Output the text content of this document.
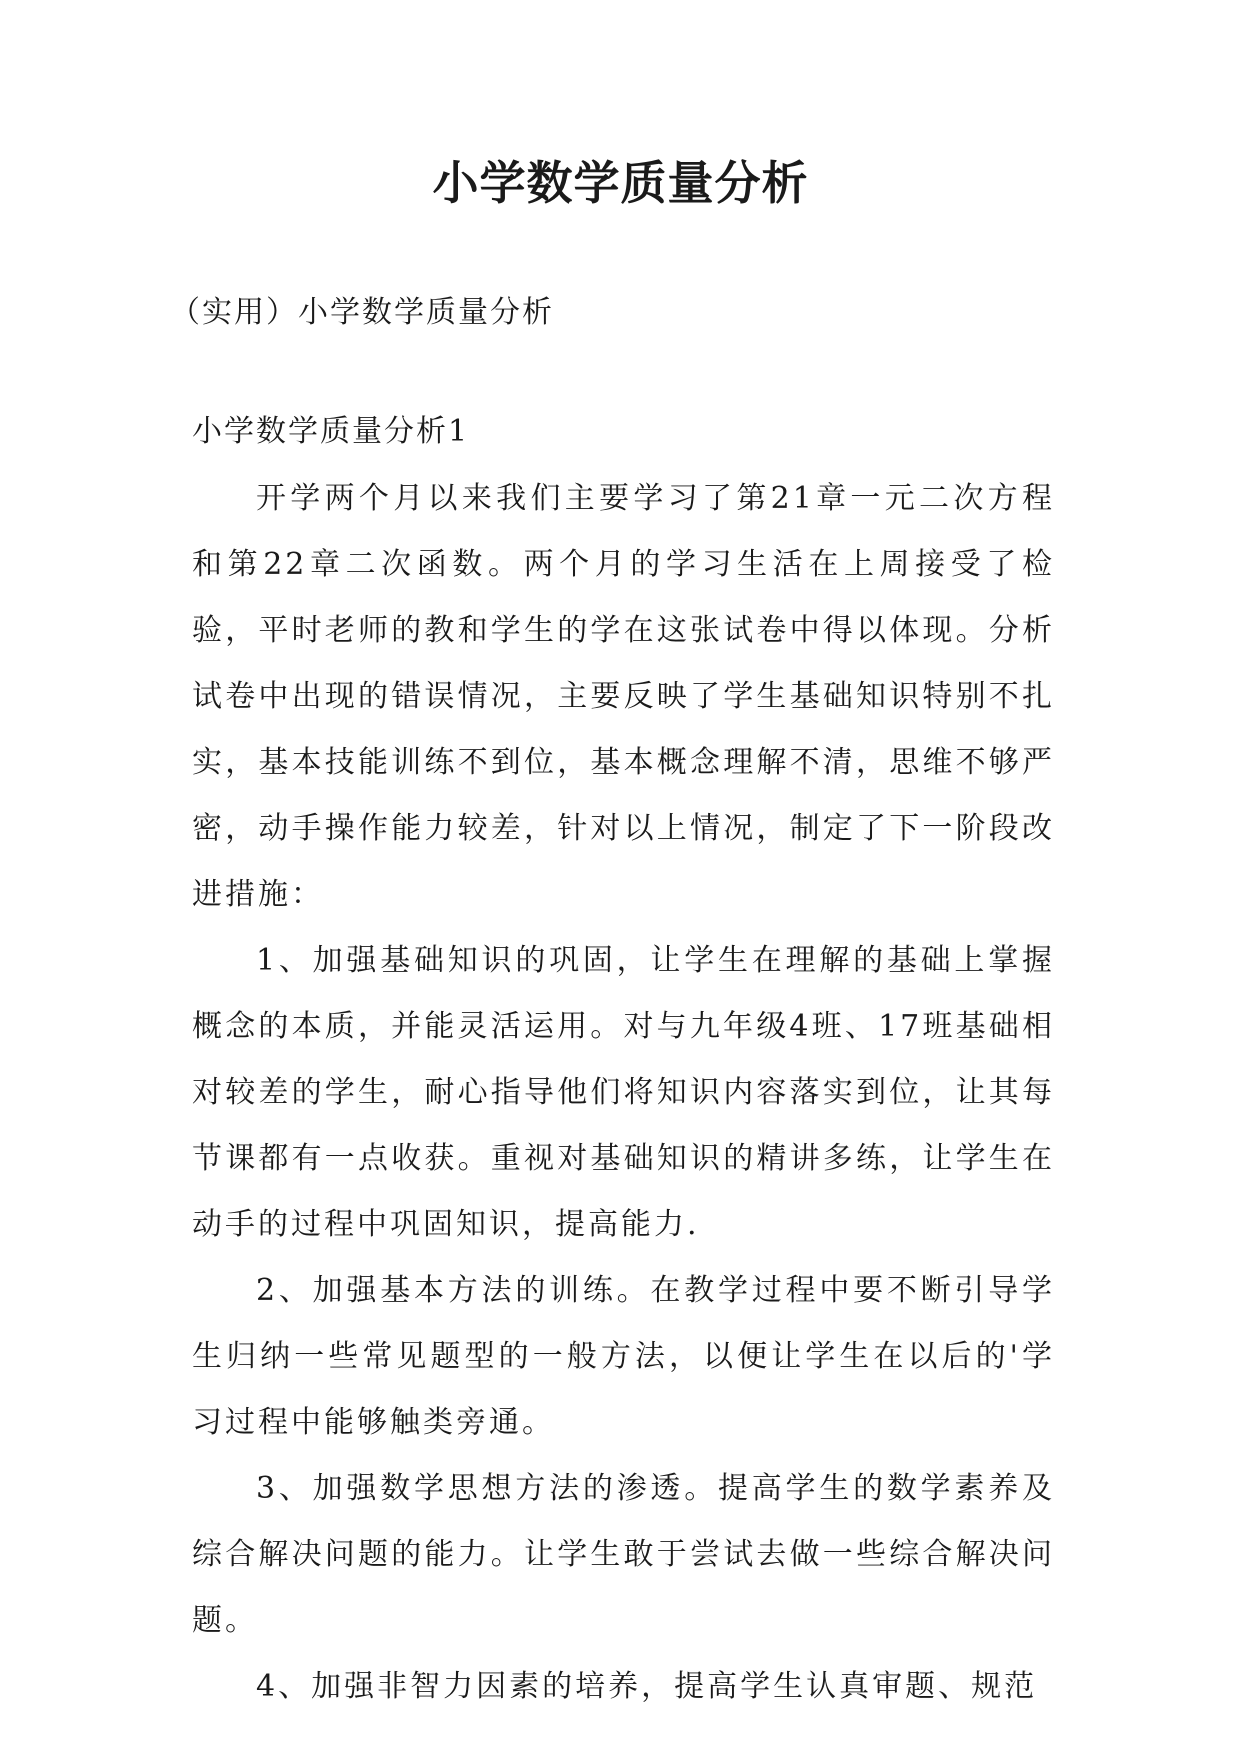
小学数学质量分析

（实用）小学数学质量分析

小学数学质量分析1

开学两个月以来我们主要学习了第21章一元二次方程和第22章二次函数。两个月的学习生活在上周接受了检验，平时老师的教和学生的学在这张试卷中得以体现。分析试卷中出现的错误情况，主要反映了学生基础知识特别不扎实，基本技能训练不到位，基本概念理解不清，思维不够严密，动手操作能力较差，针对以上情况，制定了下一阶段改进措施：

1、加强基础知识的巩固，让学生在理解的基础上掌握概念的本质，并能灵活运用。对与九年级4班、17班基础相对较差的学生，耐心指导他们将知识内容落实到位，让其每节课都有一点收获。重视对基础知识的精讲多练，让学生在动手的过程中巩固知识，提高能力.

2、加强基本方法的训练。在教学过程中要不断引导学生归纳一些常见题型的一般方法，以便让学生在以后的'学习过程中能够触类旁通。

3、加强数学思想方法的渗透。提高学生的数学素养及综合解决问题的能力。让学生敢于尝试去做一些综合解决问题。

4、加强非智力因素的培养，提高学生认真审题、规范
